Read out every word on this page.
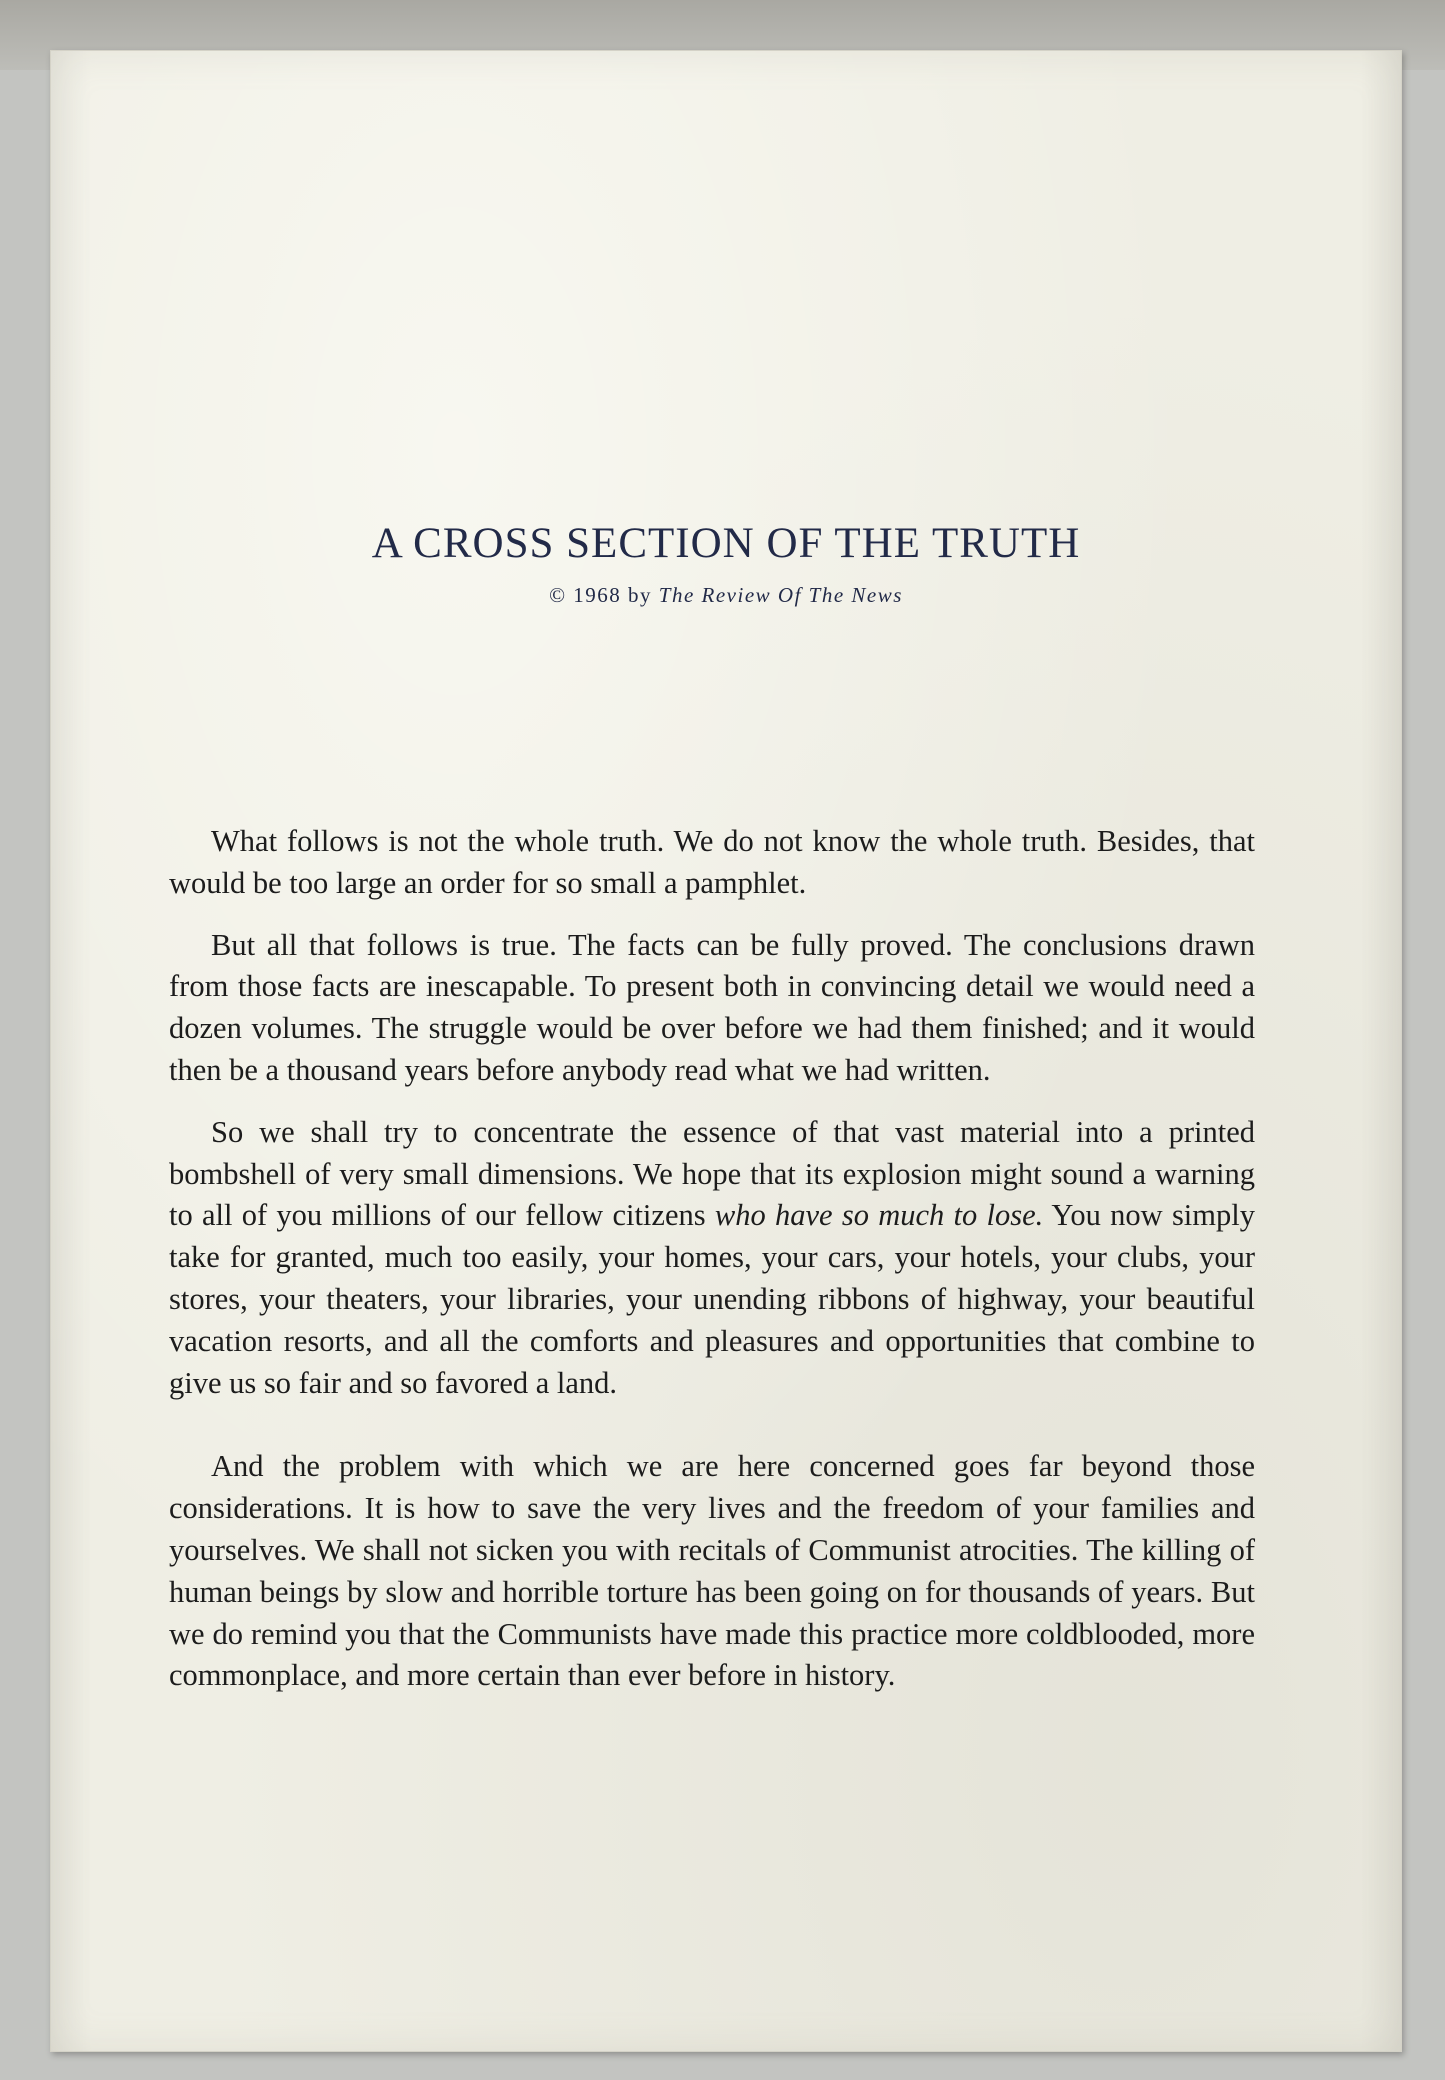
A CROSS SECTION OF THE TRUTH
© 1968 by The Review Of The News

What follows is not the whole truth. We do not know the whole truth. Besides, that would be too large an order for so small a pamphlet.

But all that follows is true. The facts can be fully proved. The conclusions drawn from those facts are inescapable. To present both in convincing detail we would need a dozen volumes. The struggle would be over before we had them finished; and it would then be a thousand years before anybody read what we had written.

So we shall try to concentrate the essence of that vast material into a printed bombshell of very small dimensions. We hope that its explosion might sound a warning to all of you millions of our fellow citizens who have so much to lose. You now simply take for granted, much too easily, your homes, your cars, your hotels, your clubs, your stores, your theaters, your libraries, your unending ribbons of highway, your beautiful vacation resorts, and all the comforts and pleasures and opportunities that combine to give us so fair and so favored a land.

And the problem with which we are here concerned goes far beyond those considerations. It is how to save the very lives and the freedom of your families and yourselves. We shall not sicken you with recitals of Communist atrocities. The killing of human beings by slow and horrible torture has been going on for thousands of years. But we do remind you that the Communists have made this practice more coldblooded, more commonplace, and more certain than ever before in history.
